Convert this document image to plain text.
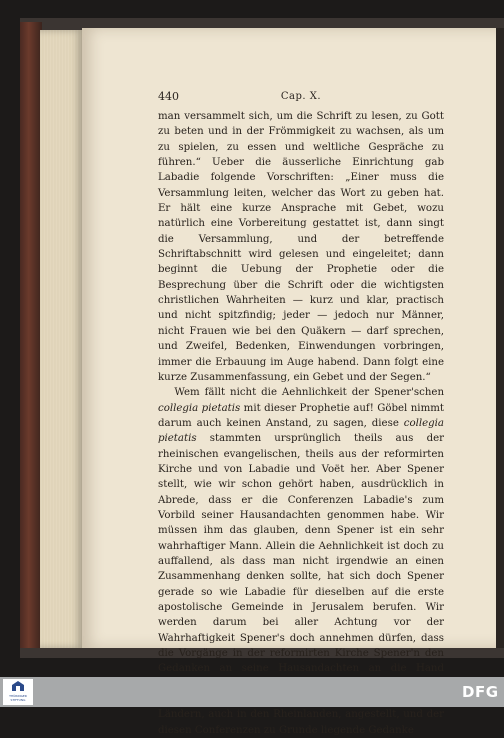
440	Cap. X.

man versammelt sich, um die Schrift zu lesen, zu Gott zu beten und in der Frömmigkeit zu wachsen, als um zu spielen, zu essen und weltliche Gespräche zu führen.“ Ueber die äusserliche Einrichtung gab Labadie folgende Vorschriften: „Einer muss die Versammlung leiten, welcher das Wort zu geben hat. Er hält eine kurze Ansprache mit Gebet, wozu natürlich eine Vorbereitung gestattet ist, dann singt die Versammlung, und der betreffende Schriftabschnitt wird gelesen und eingeleitet; dann beginnt die Uebung der Prophetie oder die Besprechung über die Schrift oder die wichtigsten christlichen Wahrheiten — kurz und klar, practisch und nicht spitzfindig; jeder — jedoch nur Männer, nicht Frauen wie bei den Quäkern — darf sprechen, und Zweifel, Bedenken, Einwendungen vorbringen, immer die Erbauung im Auge habend. Dann folgt eine kurze Zusammenfassung, ein Gebet und der Segen.“

Wem fällt nicht die Aehnlichkeit der Spener'schen collegia pietatis mit dieser Prophetie auf! Göbel nimmt darum auch keinen Anstand, zu sagen, diese collegia pietatis stammten ursprünglich theils aus der rheinischen evangelischen, theils aus der reformirten Kirche und von Labadie und Voët her. Aber Spener stellt, wie wir schon gehört haben, ausdrücklich in Abrede, dass er die Conferenzen Labadie's zum Vorbild seiner Hausandachten genommen habe. Wir müssen ihm das glauben, denn Spener ist ein sehr wahrhaftiger Mann. Allein die Aehnlichkeit ist doch zu auffallend, als dass man nicht irgendwie an einen Zusammenhang denken sollte, hat sich doch Spener gerade so wie Labadie für dieselben auf die erste apostolische Gemeinde in Jerusalem berufen. Wir werden darum bei aller Achtung vor der Wahrhaftigkeit Spener's doch annehmen dürfen, dass die Vorgänge in der reformirten Kirche Spener'n den Gedanken an seine Hausandachten an die Hand Ländern, auch in den Rheinlanden, angestellt, und der diesen Conferenzen zu Grunde liegende Gedanke

THÜRINGER
STIFTUNG	DFG
